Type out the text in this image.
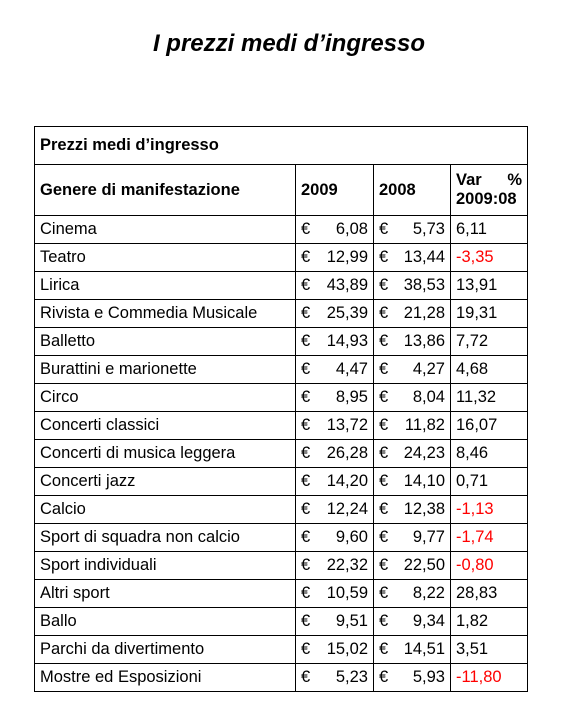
I prezzi medi d’ingresso
Prezzi medi d’ingresso			
Genere di manifestazione	2009	2008	Var %
2009:08

Cinema	€ 6,08	€ 5,73	6,11
Teatro	€ 12,99	€ 13,44	-3,35
Lirica	€ 43,89	€ 38,53	13,91
Rivista e Commedia Musicale	€ 25,39	€ 21,28	19,31
Balletto	€ 14,93	€ 13,86	7,72
Burattini e marionette	€ 4,47	€ 4,27	4,68
Circo	€ 8,95	€ 8,04	11,32
Concerti classici	€ 13,72	€ 11,82	16,07
Concerti di musica leggera	€ 26,28	€ 24,23	8,46
Concerti jazz	€ 14,20	€ 14,10	0,71
Calcio	€ 12,24	€ 12,38	-1,13
Sport di squadra non calcio	€ 9,60	€ 9,77	-1,74
Sport individuali	€ 22,32	€ 22,50	-0,80
Altri sport	€ 10,59	€ 8,22	28,83
Ballo	€ 9,51	€ 9,34	1,82
Parchi da divertimento	€ 15,02	€ 14,51	3,51
Mostre ed Esposizioni	€ 5,23	€ 5,93	-11,80
